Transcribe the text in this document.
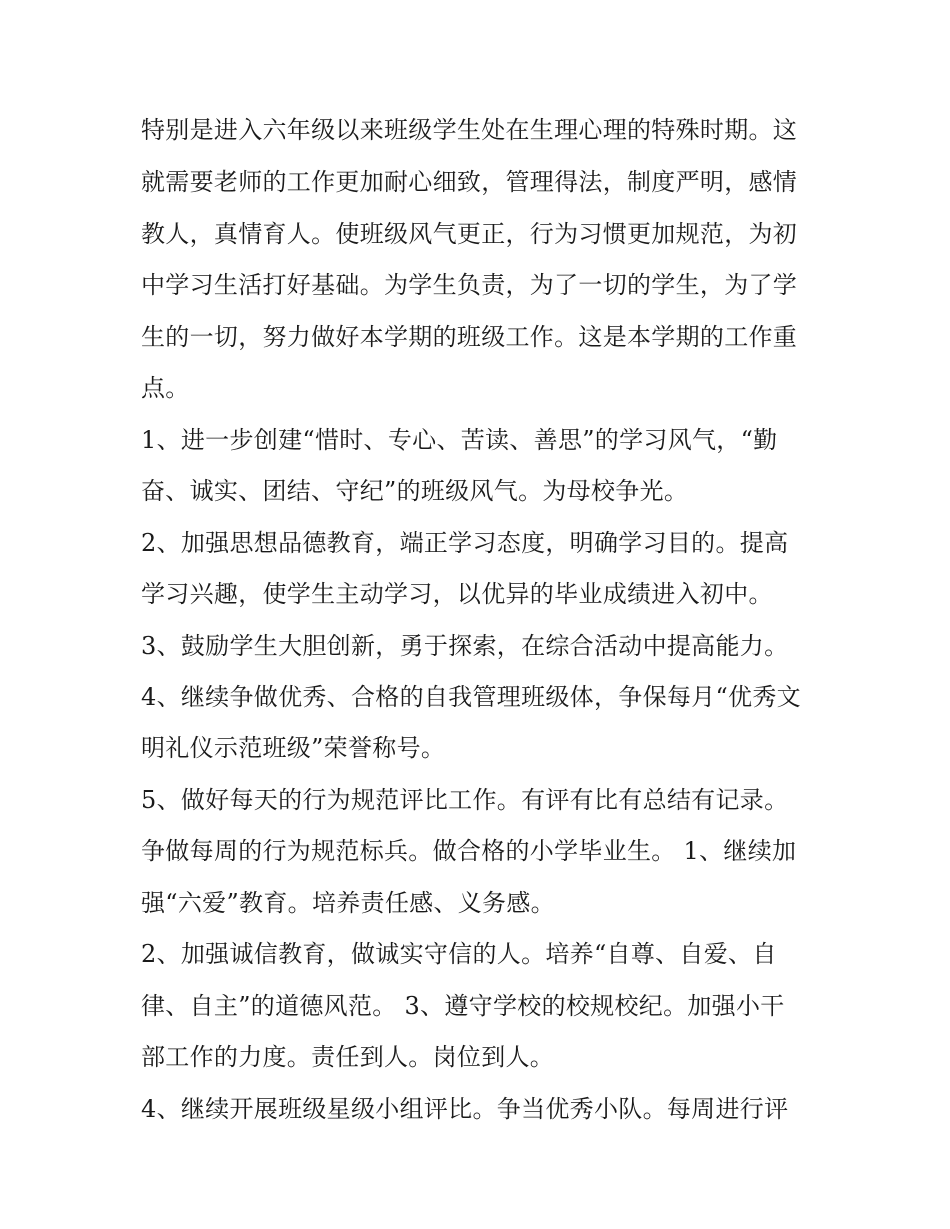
特别是进入六年级以来班级学生处在生理心理的特殊时期。这
就需要老师的工作更加耐心细致，管理得法，制度严明，感情
教人，真情育人。使班级风气更正，行为习惯更加规范，为初
中学习生活打好基础。为学生负责，为了一切的学生，为了学
生的一切，努力做好本学期的班级工作。这是本学期的工作重
点。
1、进一步创建“惜时、专心、苦读、善思”的学习风气，“勤
奋、诚实、团结、守纪”的班级风气。为母校争光。
2、加强思想品德教育，端正学习态度，明确学习目的。提高
学习兴趣，使学生主动学习，以优异的毕业成绩进入初中。
3、鼓励学生大胆创新，勇于探索，在综合活动中提高能力。
4、继续争做优秀、合格的自我管理班级体，争保每月“优秀文
明礼仪示范班级”荣誉称号。
5、做好每天的行为规范评比工作。有评有比有总结有记录。
争做每周的行为规范标兵。做合格的小学毕业生。 1、继续加
强“六爱”教育。培养责任感、义务感。
2、加强诚信教育，做诚实守信的人。培养“自尊、自爱、自
律、自主”的道德风范。 3、遵守学校的校规校纪。加强小干
部工作的力度。责任到人。岗位到人。
4、继续开展班级星级小组评比。争当优秀小队。每周进行评
